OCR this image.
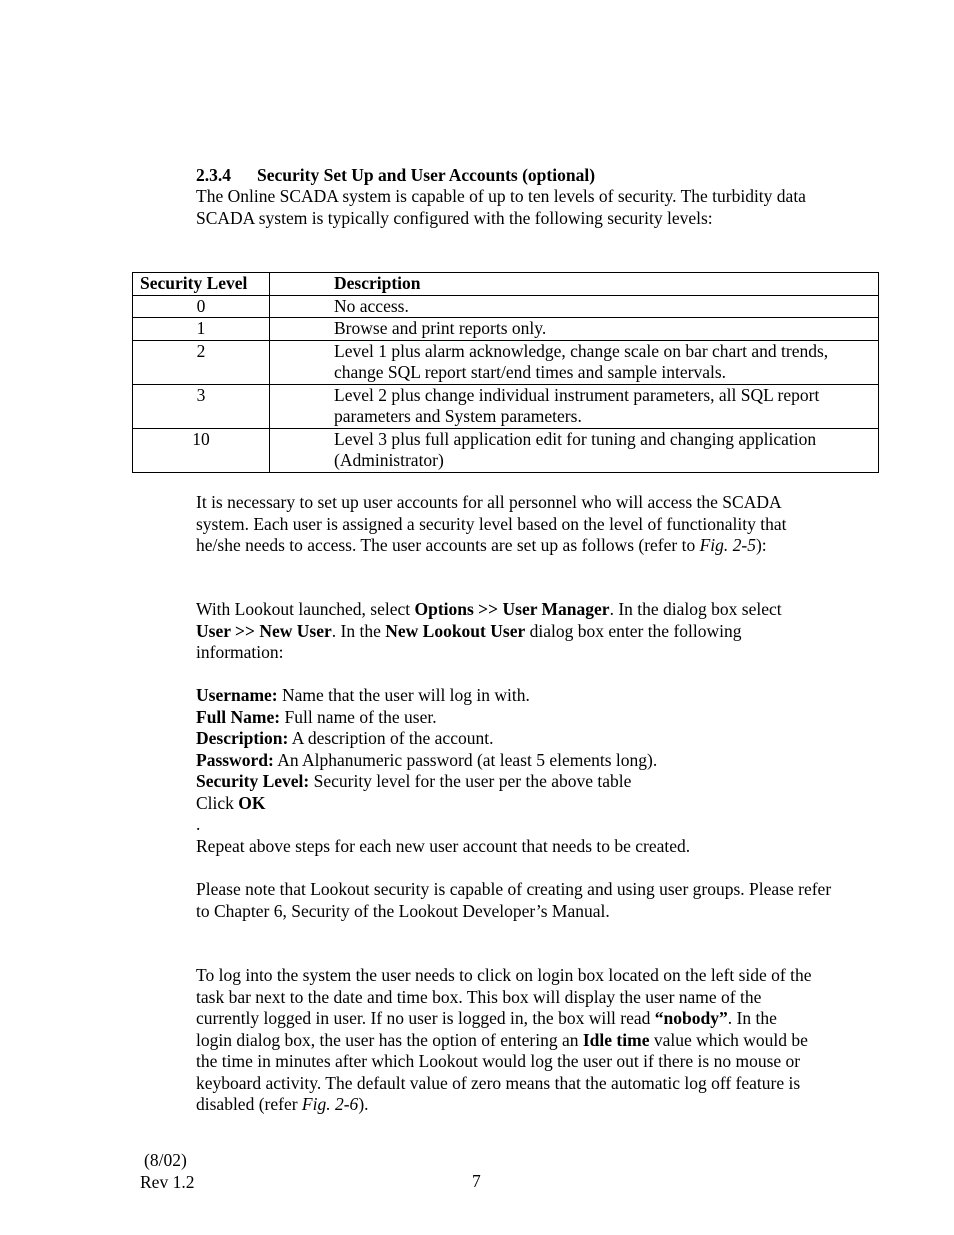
2.3.4 Security Set Up and User Accounts (optional)

The Online SCADA system is capable of up to ten levels of security. The turbidity data SCADA system is typically configured with the following security levels:

Security Level	Description
0	No access.
1	Browse and print reports only.
2	Level 1 plus alarm acknowledge, change scale on bar chart and trends,
change SQL report start/end times and sample intervals.
3	Level 2 plus change individual instrument parameters, all SQL report
parameters and System parameters.
10	Level 3 plus full application edit for tuning and changing application
(Administrator)

It is necessary to set up user accounts for all personnel who will access the SCADA system. Each user is assigned a security level based on the level of functionality that he/she needs to access. The user accounts are set up as follows (refer to Fig. 2-5):

With Lookout launched, select Options >> User Manager. In the dialog box select User >> New User. In the New Lookout User dialog box enter the following information:

Username: Name that the user will log in with.
Full Name: Full name of the user.
Description: A description of the account.
Password: An Alphanumeric password (at least 5 elements long).
Security Level: Security level for the user per the above table
Click OK
.
Repeat above steps for each new user account that needs to be created.

Please note that Lookout security is capable of creating and using user groups. Please refer to Chapter 6, Security of the Lookout Developer’s Manual.

To log into the system the user needs to click on login box located on the left side of the task bar next to the date and time box. This box will display the user name of the currently logged in user. If no user is logged in, the box will read “nobody”. In the login dialog box, the user has the option of entering an Idle time value which would be the time in minutes after which Lookout would log the user out if there is no mouse or keyboard activity. The default value of zero means that the automatic log off feature is disabled (refer Fig. 2-6).

(8/02)
Rev 1.2	7
